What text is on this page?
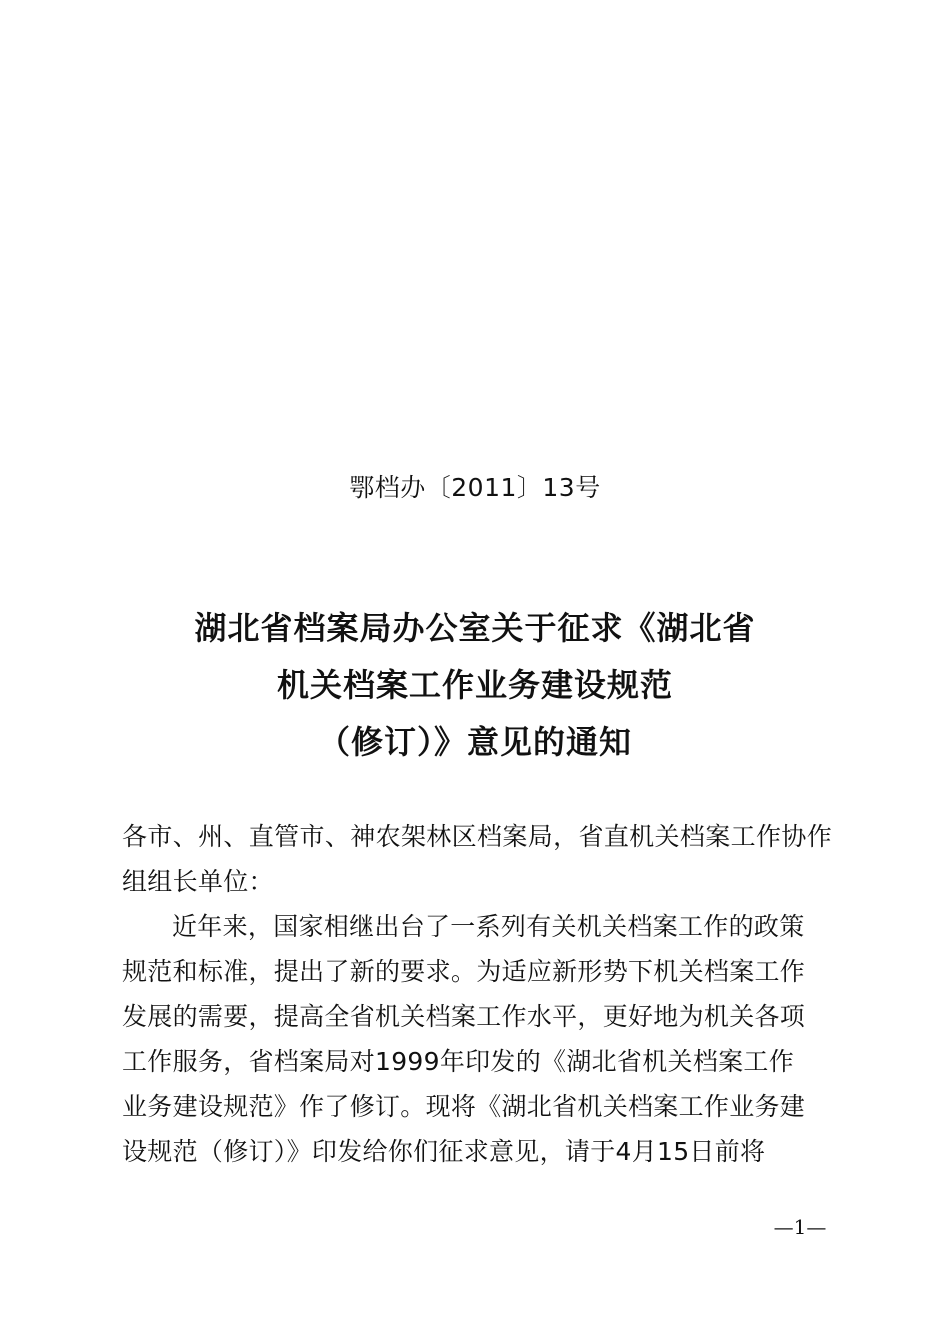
鄂档办〔2011〕13号
湖北省档案局办公室关于征求《湖北省
机关档案工作业务建设规范
（修订）》意见的通知
各市、州、直管市、神农架林区档案局，省直机关档案工作协作组组长单位：
近年来，国家相继出台了一系列有关机关档案工作的政策
规范和标准，提出了新的要求。为适应新形势下机关档案工作
发展的需要，提高全省机关档案工作水平，更好地为机关各项
工作服务，省档案局对1999年印发的《湖北省机关档案工作
业务建设规范》作了修订。现将《湖北省机关档案工作业务建
设规范（修订）》印发给你们征求意见，请于4月15日前将
—1—
